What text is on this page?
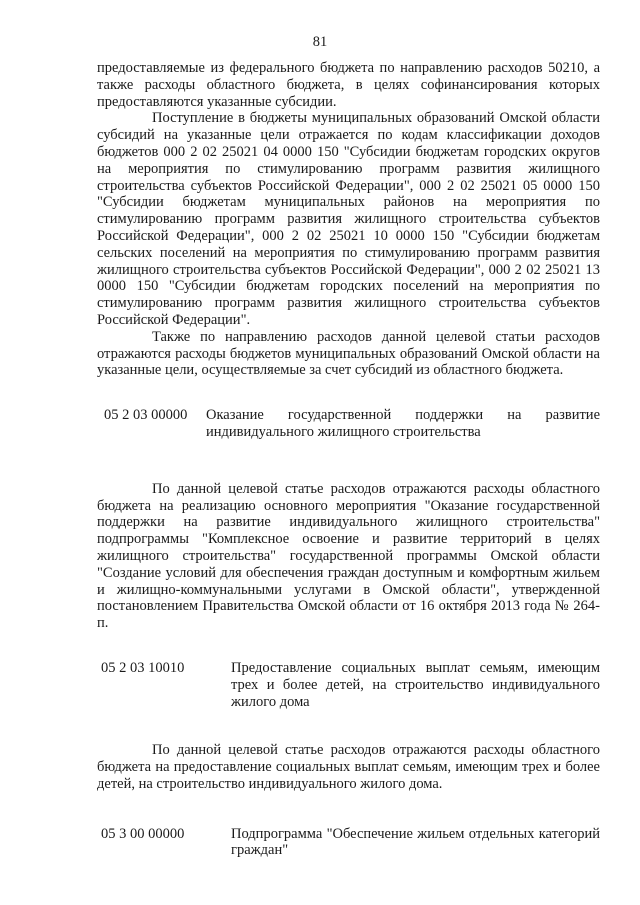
81

предоставляемые из федерального бюджета по направлению расходов 50210, а также расходы областного бюджета, в целях софинансирования которых предоставляются указанные субсидии.

Поступление в бюджеты муниципальных образований Омской области субсидий на указанные цели отражается по кодам классификации доходов бюджетов 000 2 02 25021 04 0000 150 "Субсидии бюджетам городских округов на мероприятия по стимулированию программ развития жилищного строительства субъектов Российской Федерации", 000 2 02 25021 05 0000 150 "Субсидии бюджетам муниципальных районов на мероприятия по стимулированию программ развития жилищного строительства субъектов Российской Федерации", 000 2 02 25021 10 0000 150 "Субсидии бюджетам сельских поселений на мероприятия по стимулированию программ развития жилищного строительства субъектов Российской Федерации", 000 2 02 25021 13 0000 150 "Субсидии бюджетам городских поселений на мероприятия по стимулированию программ развития жилищного строительства субъектов Российской Федерации".

Также по направлению расходов данной целевой статьи расходов отражаются расходы бюджетов муниципальных образований Омской области на указанные цели, осуществляемые за счет субсидий из областного бюджета.

05 2 03 00000	Оказание государственной поддержки на развитие индивидуального жилищного строительства

По данной целевой статье расходов отражаются расходы областного бюджета на реализацию основного мероприятия "Оказание государственной поддержки на развитие индивидуального жилищного строительства" подпрограммы "Комплексное освоение и развитие территорий в целях жилищного строительства" государственной программы Омской области "Создание условий для обеспечения граждан доступным и комфортным жильем и жилищно-коммунальными услугами в Омской области", утвержденной постановлением Правительства Омской области от 16 октября 2013 года № 264-п.

05 2 03 10010	Предоставление социальных выплат семьям, имеющим трех и более детей, на строительство индивидуального жилого дома

По данной целевой статье расходов отражаются расходы областного бюджета на предоставление социальных выплат семьям, имеющим трех и более детей, на строительство индивидуального жилого дома.

05 3 00 00000	Подпрограмма "Обеспечение жильем отдельных категорий граждан"
